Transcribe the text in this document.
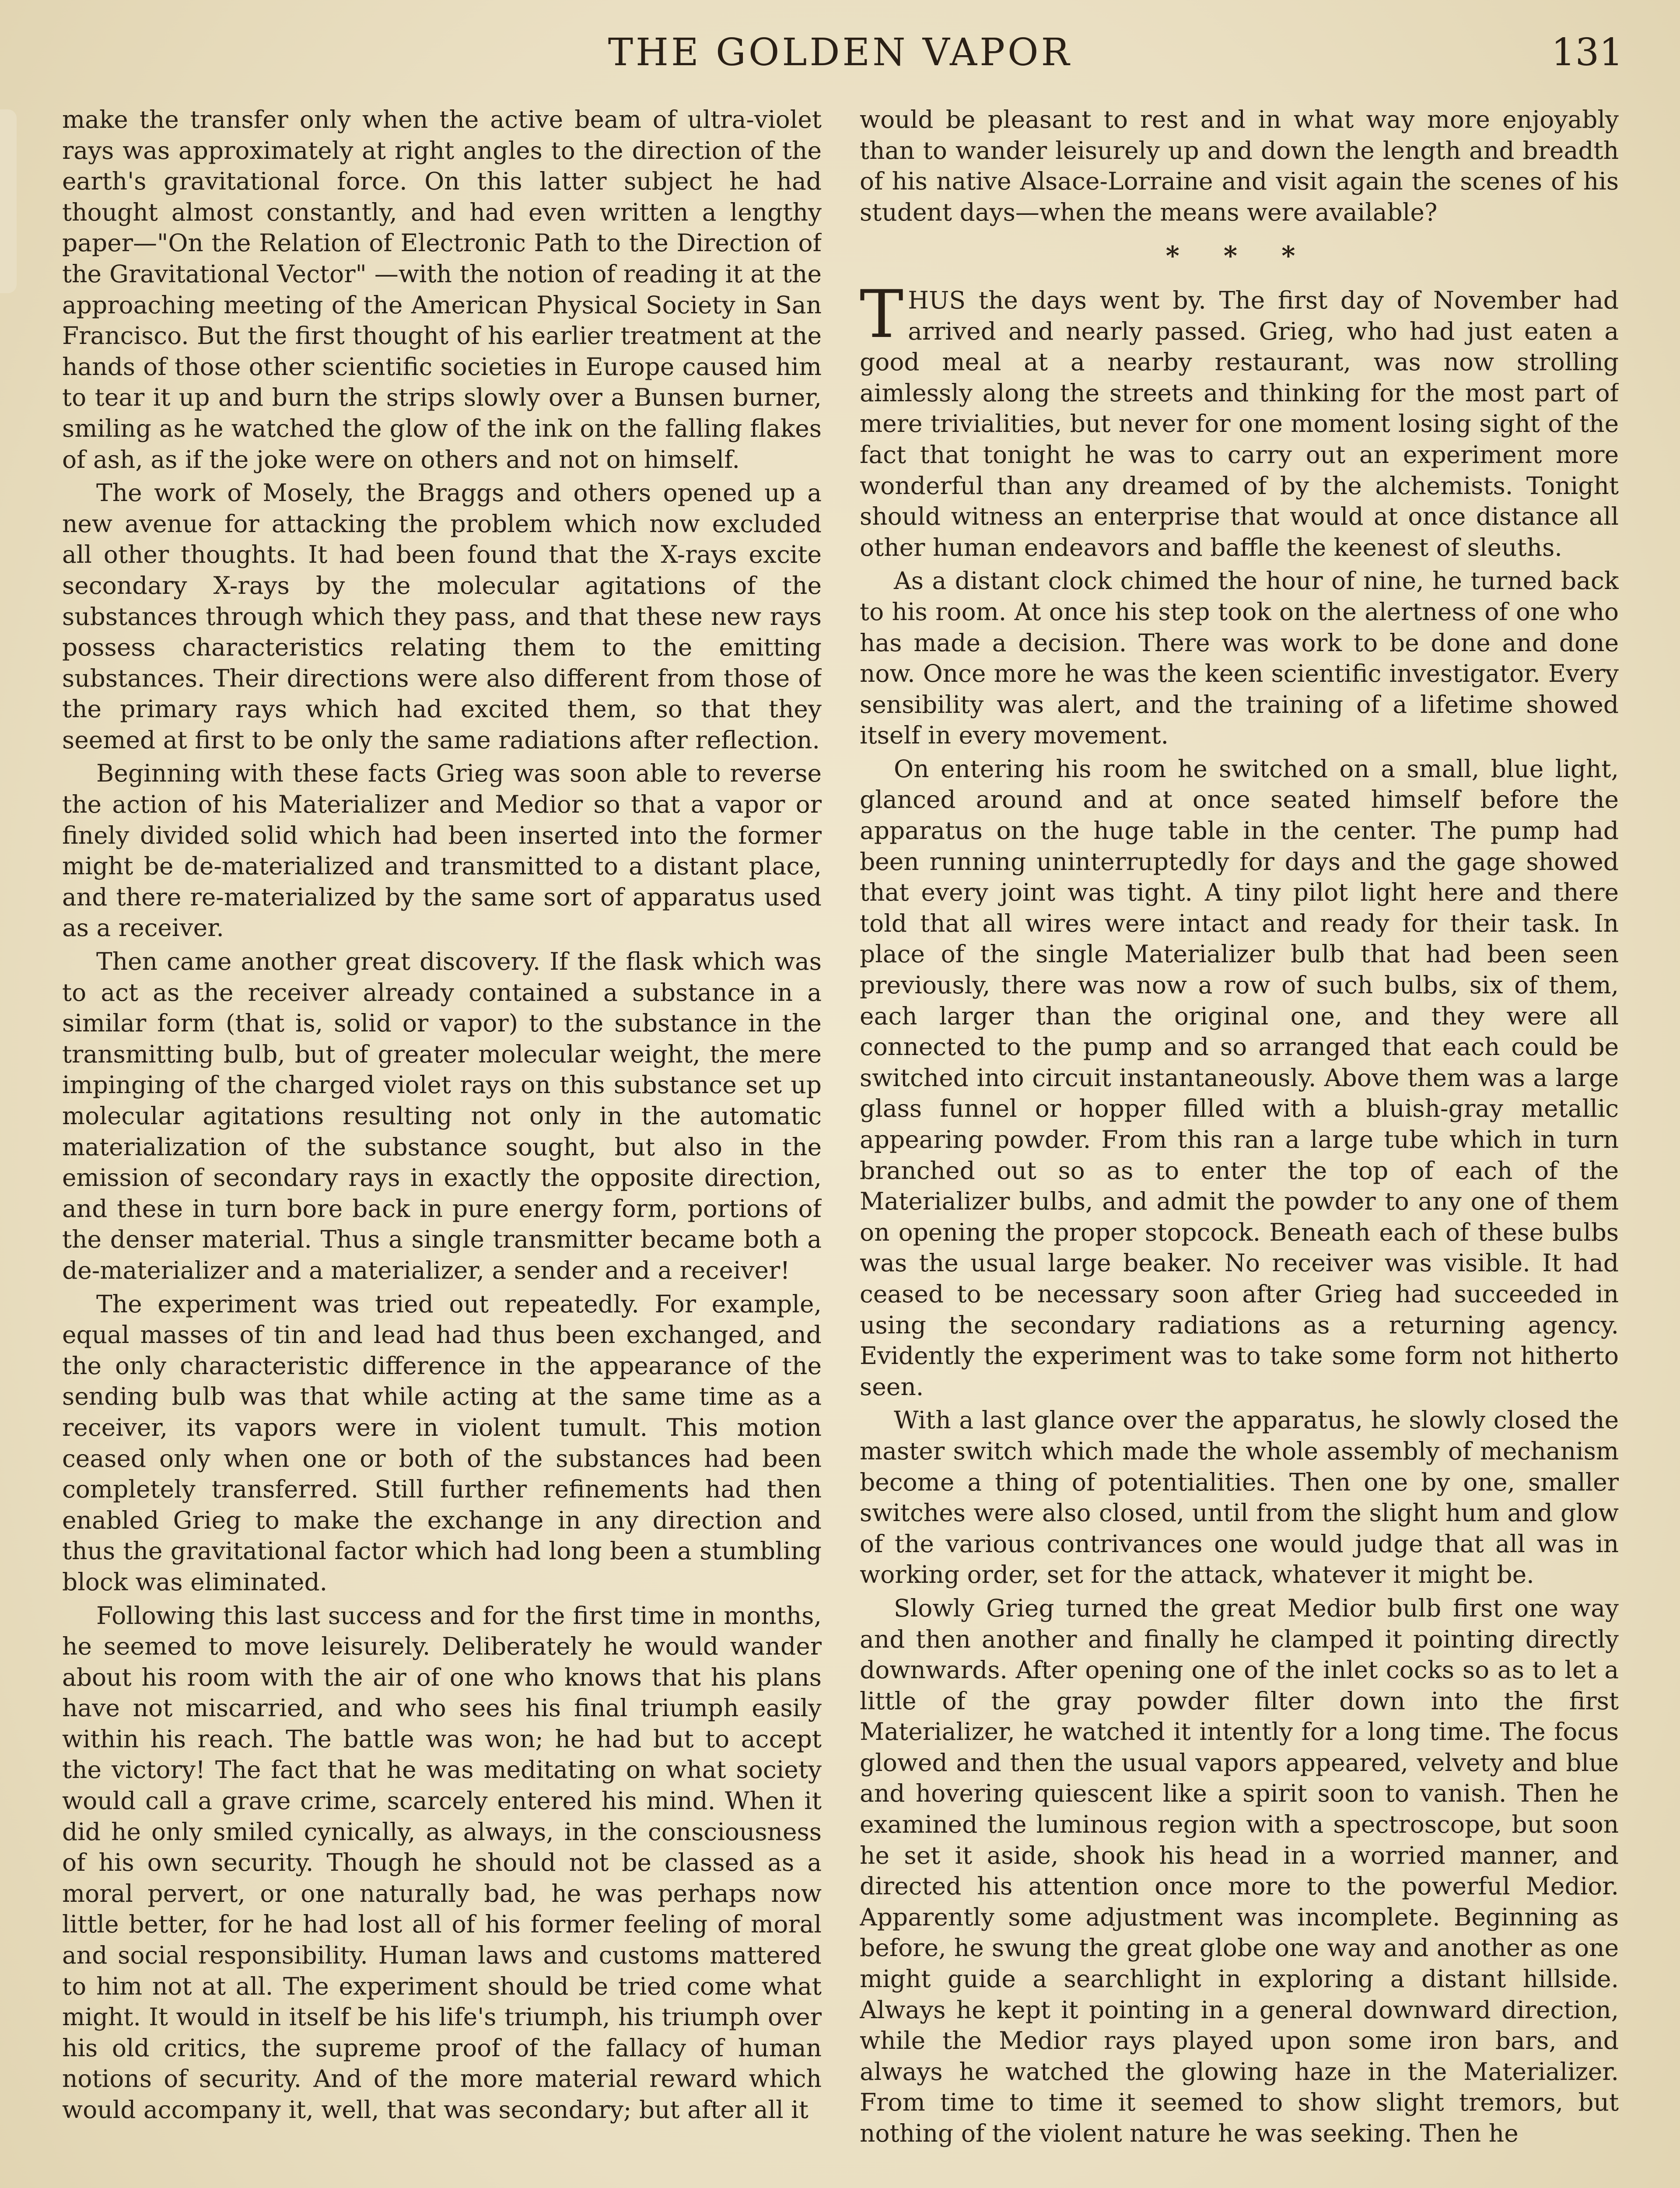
THE GOLDEN VAPOR	131

make the transfer only when the active beam of ultra-violet rays was approximately at right angles to the direction of the earth's gravitational force. On this latter subject he had thought almost constantly, and had even written a lengthy paper—"On the Relation of Electronic Path to the Direction of the Gravitational Vector" —with the notion of reading it at the approaching meeting of the American Physical Society in San Francisco. But the first thought of his earlier treatment at the hands of those other scientific societies in Europe caused him to tear it up and burn the strips slowly over a Bunsen burner, smiling as he watched the glow of the ink on the falling flakes of ash, as if the joke were on others and not on himself.

The work of Mosely, the Braggs and others opened up a new avenue for attacking the problem which now excluded all other thoughts. It had been found that the X-rays excite secondary X-rays by the molecular agitations of the substances through which they pass, and that these new rays possess characteristics relating them to the emitting substances. Their directions were also different from those of the primary rays which had excited them, so that they seemed at first to be only the same radiations after reflection.

Beginning with these facts Grieg was soon able to reverse the action of his Materializer and Medior so that a vapor or finely divided solid which had been inserted into the former might be de-materialized and transmitted to a distant place, and there re-materialized by the same sort of apparatus used as a receiver.

Then came another great discovery. If the flask which was to act as the receiver already contained a substance in a similar form (that is, solid or vapor) to the substance in the transmitting bulb, but of greater molecular weight, the mere impinging of the charged violet rays on this substance set up molecular agitations resulting not only in the automatic materialization of the substance sought, but also in the emission of secondary rays in exactly the opposite direction, and these in turn bore back in pure energy form, portions of the denser material. Thus a single transmitter became both a de-materializer and a materializer, a sender and a receiver!

The experiment was tried out repeatedly. For example, equal masses of tin and lead had thus been exchanged, and the only characteristic difference in the appearance of the sending bulb was that while acting at the same time as a receiver, its vapors were in violent tumult. This motion ceased only when one or both of the substances had been completely transferred. Still further refinements had then enabled Grieg to make the exchange in any direction and thus the gravitational factor which had long been a stumbling block was eliminated.

Following this last success and for the first time in months, he seemed to move leisurely. Deliberately he would wander about his room with the air of one who knows that his plans have not miscarried, and who sees his final triumph easily within his reach. The battle was won; he had but to accept the victory! The fact that he was meditating on what society would call a grave crime, scarcely entered his mind. When it did he only smiled cynically, as always, in the consciousness of his own security. Though he should not be classed as a moral pervert, or one naturally bad, he was perhaps now little better, for he had lost all of his former feeling of moral and social responsibility. Human laws and customs mattered to him not at all. The experiment should be tried come what might. It would in itself be his life's triumph, his triumph over his old critics, the supreme proof of the fallacy of human notions of security. And of the more material reward which would accompany it, well, that was secondary; but after all it

would be pleasant to rest and in what way more enjoyably than to wander leisurely up and down the length and breadth of his native Alsace-Lorraine and visit again the scenes of his student days—when the means were available?

* * *

THUS the days went by. The first day of November had arrived and nearly passed. Grieg, who had just eaten a good meal at a nearby restaurant, was now strolling aimlessly along the streets and thinking for the most part of mere trivialities, but never for one moment losing sight of the fact that tonight he was to carry out an experiment more wonderful than any dreamed of by the alchemists. Tonight should witness an enterprise that would at once distance all other human endeavors and baffle the keenest of sleuths.

As a distant clock chimed the hour of nine, he turned back to his room. At once his step took on the alertness of one who has made a decision. There was work to be done and done now. Once more he was the keen scientific investigator. Every sensibility was alert, and the training of a lifetime showed itself in every movement.

On entering his room he switched on a small, blue light, glanced around and at once seated himself before the apparatus on the huge table in the center. The pump had been running uninterruptedly for days and the gage showed that every joint was tight. A tiny pilot light here and there told that all wires were intact and ready for their task. In place of the single Materializer bulb that had been seen previously, there was now a row of such bulbs, six of them, each larger than the original one, and they were all connected to the pump and so arranged that each could be switched into circuit instantaneously. Above them was a large glass funnel or hopper filled with a bluish-gray metallic appearing powder. From this ran a large tube which in turn branched out so as to enter the top of each of the Materializer bulbs, and admit the powder to any one of them on opening the proper stopcock. Beneath each of these bulbs was the usual large beaker. No receiver was visible. It had ceased to be necessary soon after Grieg had succeeded in using the secondary radiations as a returning agency. Evidently the experiment was to take some form not hitherto seen.

With a last glance over the apparatus, he slowly closed the master switch which made the whole assembly of mechanism become a thing of potentialities. Then one by one, smaller switches were also closed, until from the slight hum and glow of the various contrivances one would judge that all was in working order, set for the attack, whatever it might be.

Slowly Grieg turned the great Medior bulb first one way and then another and finally he clamped it pointing directly downwards. After opening one of the inlet cocks so as to let a little of the gray powder filter down into the first Materializer, he watched it intently for a long time. The focus glowed and then the usual vapors appeared, velvety and blue and hovering quiescent like a spirit soon to vanish. Then he examined the luminous region with a spectroscope, but soon he set it aside, shook his head in a worried manner, and directed his attention once more to the powerful Medior. Apparently some adjustment was incomplete. Beginning as before, he swung the great globe one way and another as one might guide a searchlight in exploring a distant hillside. Always he kept it pointing in a general downward direction, while the Medior rays played upon some iron bars, and always he watched the glowing haze in the Materializer. From time to time it seemed to show slight tremors, but nothing of the violent nature he was seeking. Then he
